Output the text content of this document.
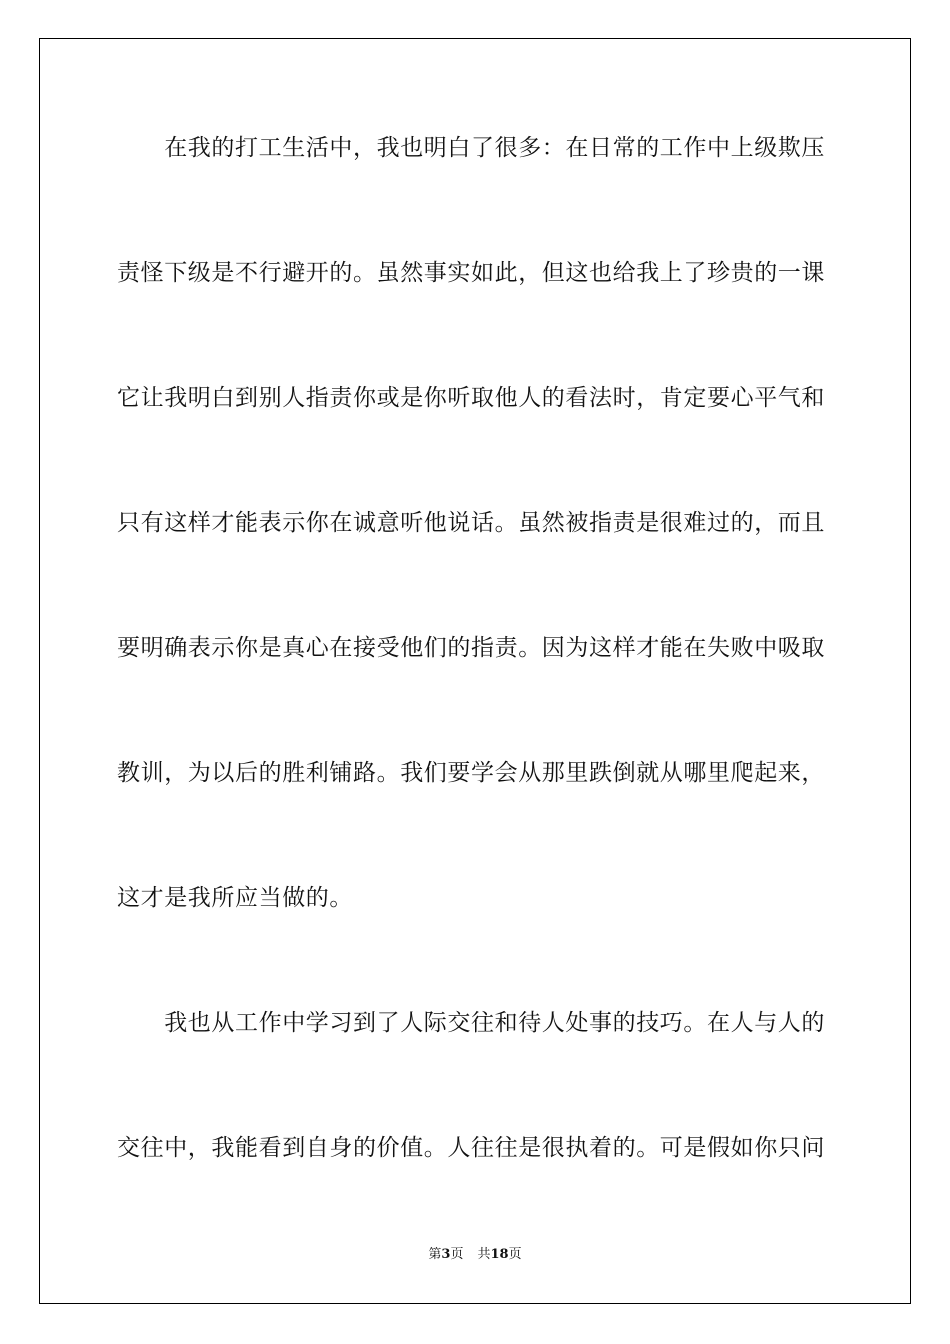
　　在我的打工生活中，我也明白了很多：在日常的工作中上级欺压
责怪下级是不行避开的。虽然事实如此，但这也给我上了珍贵的一课
它让我明白到别人指责你或是你听取他人的看法时，肯定要心平气和
只有这样才能表示你在诚意听他说话。虽然被指责是很难过的，而且
要明确表示你是真心在接受他们的指责。因为这样才能在失败中吸取
教训，为以后的胜利铺路。我们要学会从那里跌倒就从哪里爬起来，
这才是我所应当做的。
　　我也从工作中学习到了人际交往和待人处事的技巧。在人与人的
交往中，我能看到自身的价值。人往往是很执着的。可是假如你只问
第3页 共18页
